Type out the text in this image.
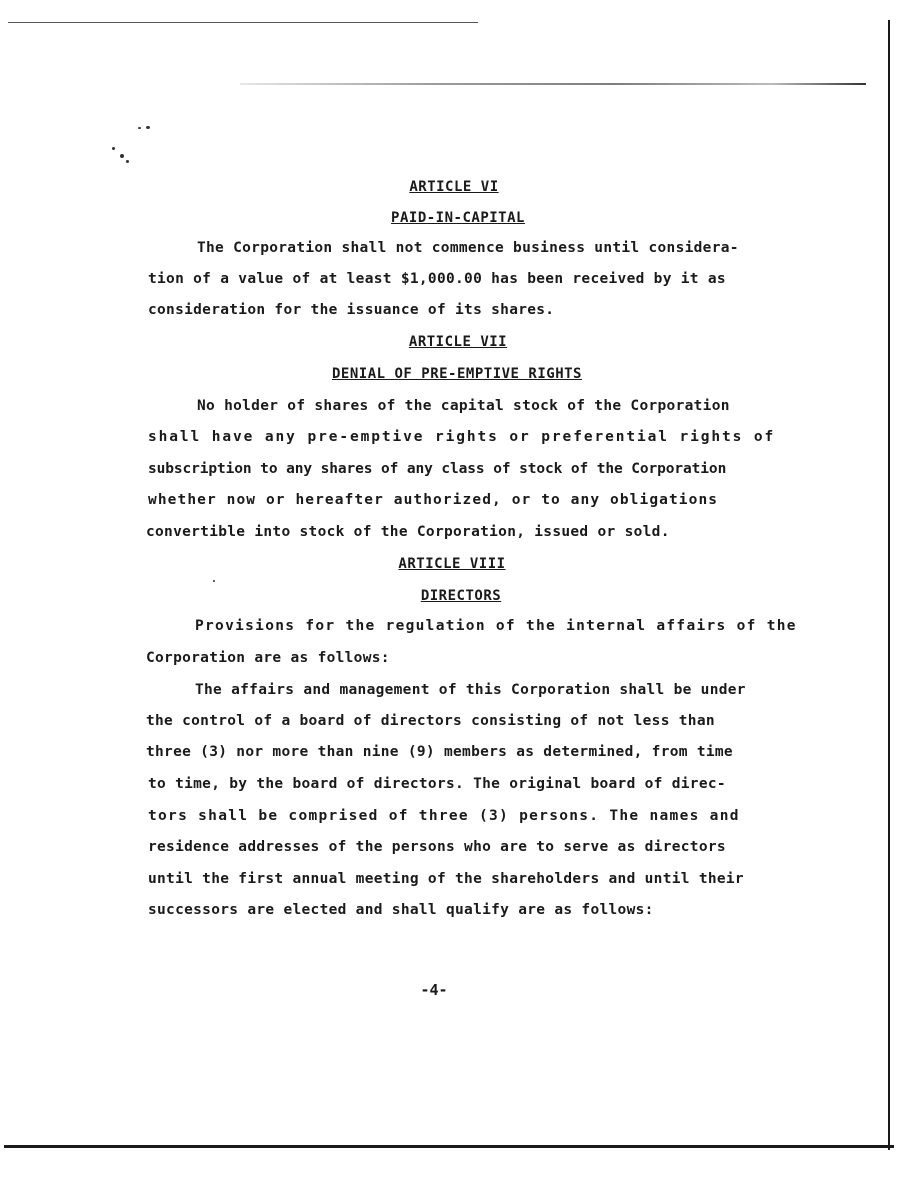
ARTICLE VI
PAID-IN-CAPITAL
The Corporation shall not commence business until considera-
tion of a value of at least $1,000.00 has been received by it as
consideration for the issuance of its shares.
ARTICLE VII
DENIAL OF PRE-EMPTIVE RIGHTS
No holder of shares of the capital stock of the Corporation
shall have any pre-emptive rights or preferential rights of
subscription to any shares of any class of stock of the Corporation
whether now or hereafter authorized, or to any obligations
convertible into stock of the Corporation, issued or sold.
ARTICLE VIII
DIRECTORS
Provisions for the regulation of the internal affairs of the
Corporation are as follows:
The affairs and management of this Corporation shall be under
the control of a board of directors consisting of not less than
three (3) nor more than nine (9) members as determined, from time
to time, by the board of directors. The original board of direc-
tors shall be comprised of three (3) persons. The names and
residence addresses of the persons who are to serve as directors
until the first annual meeting of the shareholders and until their
successors are elected and shall qualify are as follows:
-4-
